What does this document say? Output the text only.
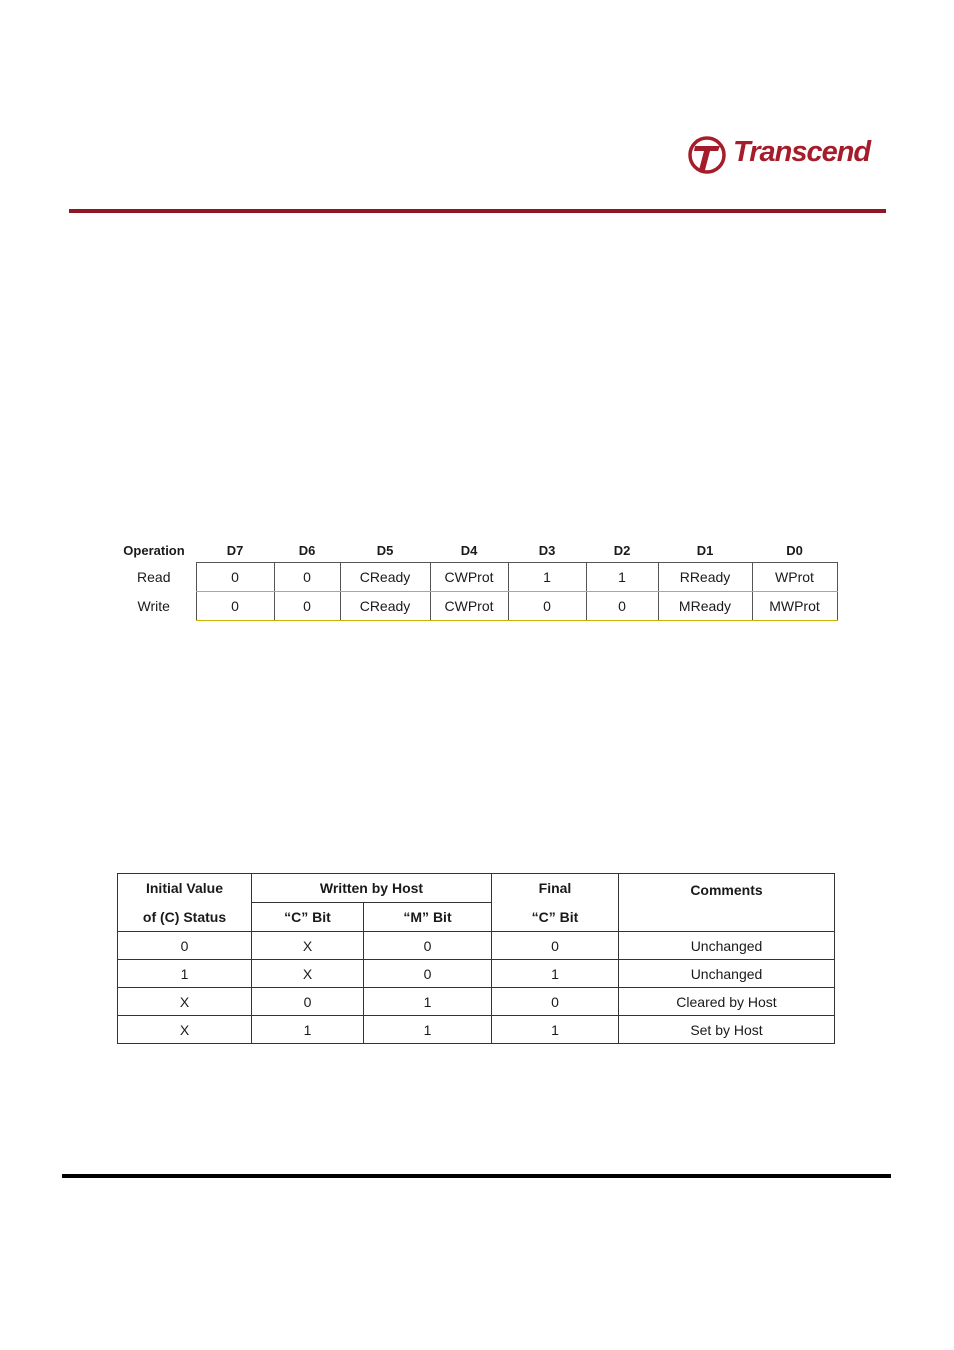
Transcend
Operation	D7	D6	D5	D4	D3	D2	D1	D0
Read	0	0	CReady	CWProt	1	1	RReady	WProt
Write	0	0	CReady	CWProt	0	0	MReady	MWProt
Initial Value	Written by Host		Final	Comments
of (C) Status	“C” Bit	“M” Bit	“C” Bit	
0	X	0	0	Unchanged
1	X	0	1	Unchanged
X	0	1	0	Cleared by Host
X	1	1	1	Set by Host
